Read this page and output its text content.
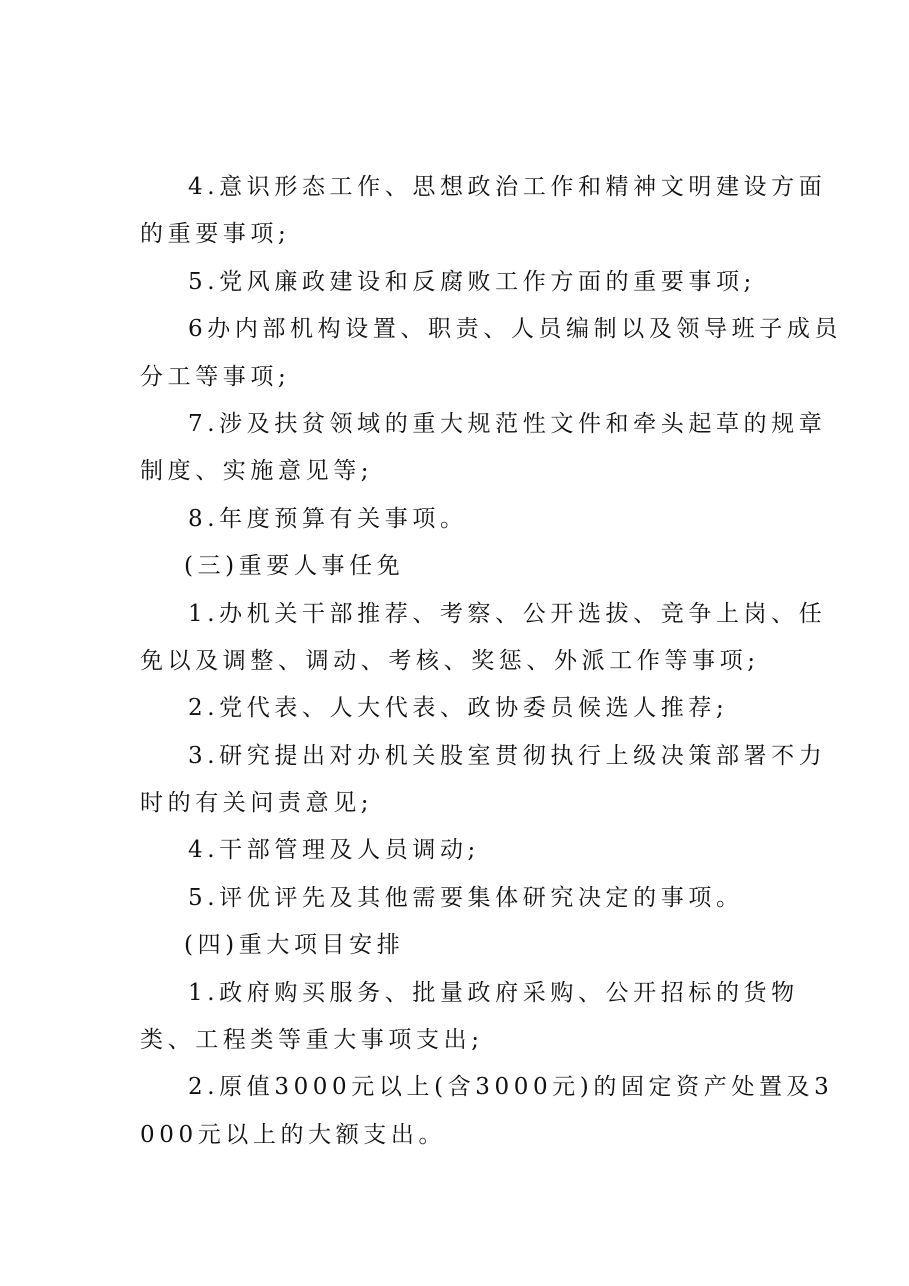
4.意识形态工作、思想政治工作和精神文明建设方面

的重要事项;

5.党风廉政建设和反腐败工作方面的重要事项;

6办内部机构设置、职责、人员编制以及领导班子成员

分工等事项;

7.涉及扶贫领域的重大规范性文件和牵头起草的规章

制度、实施意见等;

8.年度预算有关事项。

(三)重要人事任免

1.办机关干部推荐、考察、公开选拔、竞争上岗、任

免以及调整、调动、考核、奖惩、外派工作等事项;

2.党代表、人大代表、政协委员候选人推荐;

3.研究提出对办机关股室贯彻执行上级决策部署不力

时的有关问责意见;

4.干部管理及人员调动;

5.评优评先及其他需要集体研究决定的事项。

(四)重大项目安排

1.政府购买服务、批量政府采购、公开招标的货物

类、工程类等重大事项支出;

2.原值3000元以上(含3000元)的固定资产处置及3

000元以上的大额支出。
